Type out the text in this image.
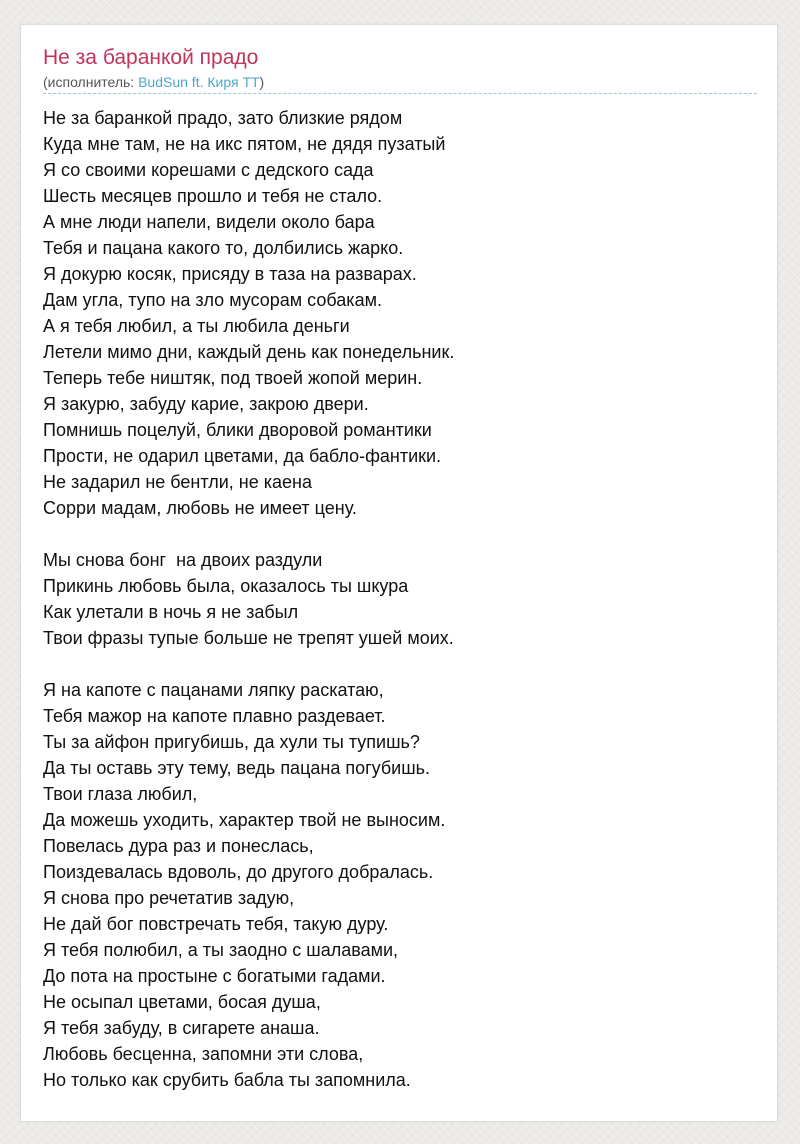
Не за баранкой прадо
(исполнитель: BudSun ft. Киря ТТ)
Не за баранкой прадо, зато близкие рядом
Куда мне там, не на икс пятом, не дядя пузатый
Я со своими корешами с дедского сада
Шесть месяцев прошло и тебя не стало.
А мне люди напели, видели около бара
Тебя и пацана какого то, долбились жарко.
Я докурю косяк, присяду в таза на разварах.
Дам угла, тупо на зло мусорам собакам.
А я тебя любил, а ты любила деньги
Летели мимо дни, каждый день как понедельник.
Теперь тебе ништяк, под твоей жопой мерин.
Я закурю, забуду карие, закрою двери.
Помнишь поцелуй, блики дворовой романтики
Прости, не одарил цветами, да бабло-фантики.
Не задарил не бентли, не каена
Сорри мадам, любовь не имеет цену.
Мы снова бонг  на двоих раздули
Прикинь любовь была, оказалось ты шкура
Как улетали в ночь я не забыл
Твои фразы тупые больше не трепят ушей моих.
Я на капоте с пацанами ляпку раскатаю,
Тебя мажор на капоте плавно раздевает.
Ты за айфон пригубишь, да хули ты тупишь?
Да ты оставь эту тему, ведь пацана погубишь.
Твои глаза любил,
Да можешь уходить, характер твой не выносим.
Повелась дура раз и понеслась,
Поиздевалась вдоволь, до другого добралась.
Я снова про речетатив задую,
Не дай бог повстречать тебя, такую дуру.
Я тебя полюбил, а ты заодно с шалавами,
До пота на простыне с богатыми гадами.
Не осыпал цветами, босая душа,
Я тебя забуду, в сигарете анаша.
Любовь бесценна, запомни эти слова,
Но только как срубить бабла ты запомнила.
